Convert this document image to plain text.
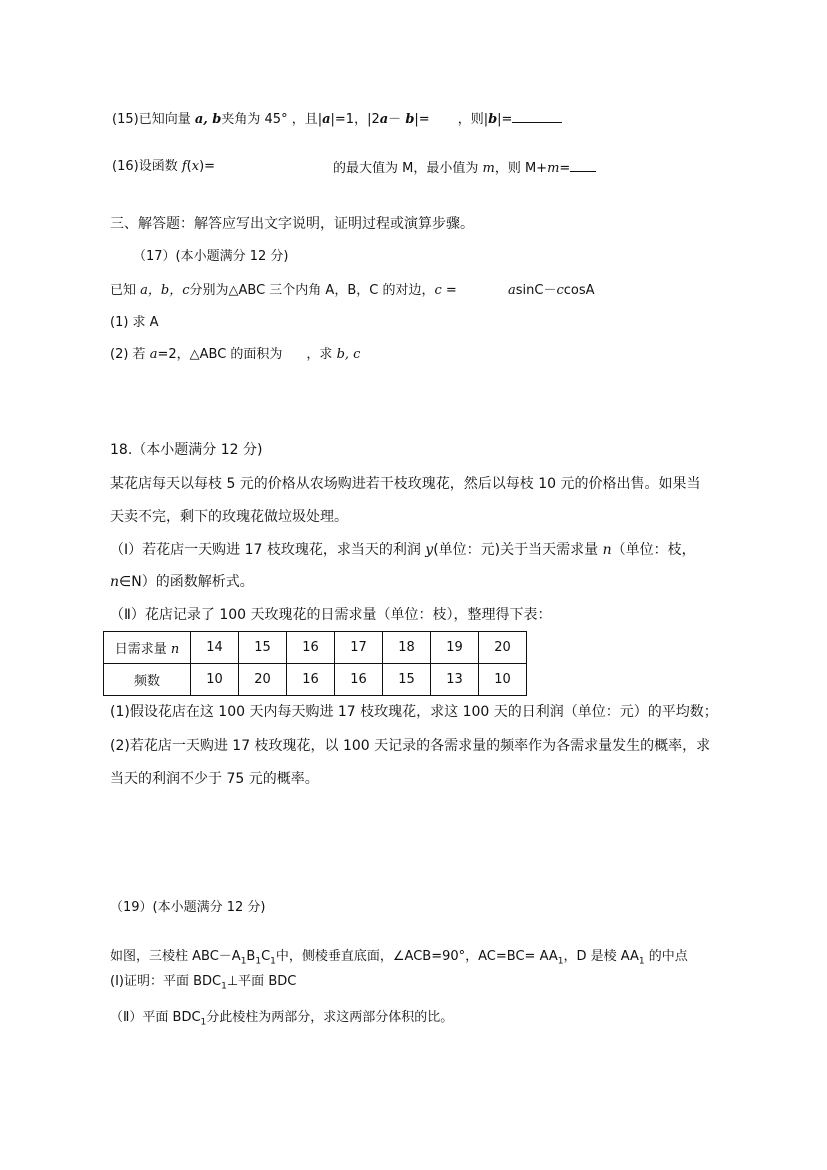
(15)已知向量 a, b夹角为 45° ，且|a|=1，|2a－ b|= ，则|b|=
(16)设函数 f(x)=	的最大值为 M，最小值为 m，则 M+m=
三、解答题：解答应写出文字说明，证明过程或演算步骤。
（17）(本小题满分 12 分)
已知 a，b，c分别为△ABC 三个内角 A，B，C 的对边，c =	asinC－ccosA
(1) 求 A
(2) 若 a=2，△ABC 的面积为 ，求 b, c
18.（本小题满分 12 分)
某花店每天以每枝 5 元的价格从农场购进若干枝玫瑰花，然后以每枝 10 元的价格出售。如果当
天卖不完，剩下的玫瑰花做垃圾处理。
（Ⅰ）若花店一天购进 17 枝玫瑰花，求当天的利润 y(单位：元)关于当天需求量 n（单位：枝，
n∈N）的函数解析式。
（Ⅱ）花店记录了 100 天玫瑰花的日需求量（单位：枝），整理得下表：
日需求量 n	14	15	16	17	18	19	20
频数	10	20	16	16	15	13	10
(1)假设花店在这 100 天内每天购进 17 枝玫瑰花，求这 100 天的日利润（单位：元）的平均数；
(2)若花店一天购进 17 枝玫瑰花，以 100 天记录的各需求量的频率作为各需求量发生的概率，求
当天的利润不少于 75 元的概率。
（19）(本小题满分 12 分)
如图，三棱柱 $ABC-A_1B_1C_1$中，侧棱垂直底面，∠ACB=90°，$AC=BC= AA_1$，D 是棱 $AA_1$ 的中点
(Ⅰ)证明：平面 $BDC_1\perp$平面 BDC
（Ⅱ）平面 $BDC_1$分此棱柱为两部分，求这两部分体积的比。
